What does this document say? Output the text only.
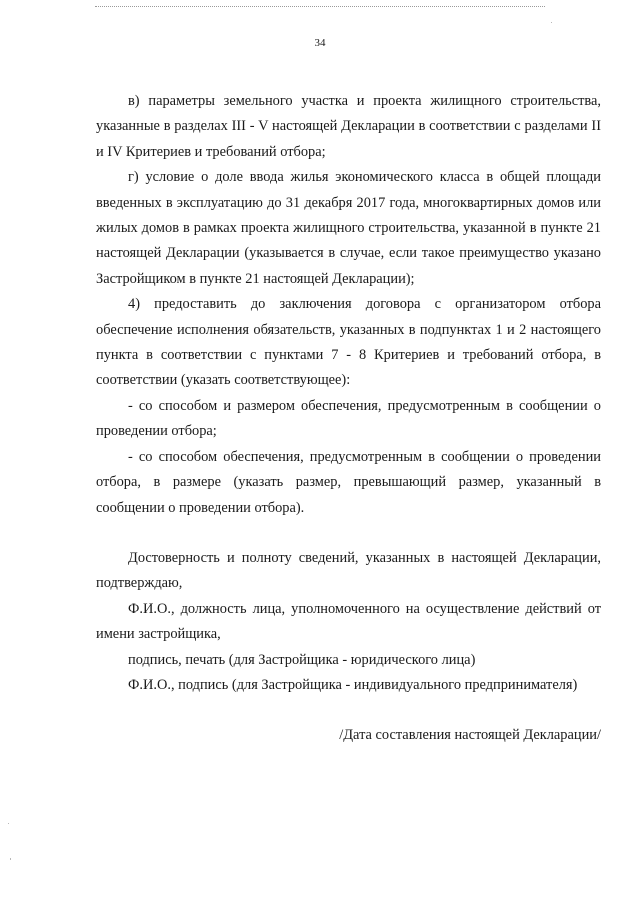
34

в) параметры земельного участка и проекта жилищного строительства, указанные в разделах III - V настоящей Декларации в соответствии с разделами II и IV Критериев и требований отбора;

г) условие о доле ввода жилья экономического класса в общей площади введенных в эксплуатацию до 31 декабря 2017 года, многоквартирных домов или жилых домов в рамках проекта жилищного строительства, указанной в пункте 21 настоящей Декларации (указывается в случае, если такое преимущество указано Застройщиком в пункте 21 настоящей Декларации);

4) предоставить до заключения договора с организатором отбора обеспечение исполнения обязательств, указанных в подпунктах 1 и 2 настоящего пункта в соответствии с пунктами 7 - 8 Критериев и требований отбора, в соответствии (указать соответствующее):

- со способом и размером обеспечения, предусмотренным в сообщении о проведении отбора;

- со способом обеспечения, предусмотренным в сообщении о проведении отбора, в размере (указать размер, превышающий размер, указанный в сообщении о проведении отбора).

Достоверность и полноту сведений, указанных в настоящей Декларации, подтверждаю,

Ф.И.О., должность лица, уполномоченного на осуществление действий от имени застройщика,

подпись, печать (для Застройщика - юридического лица)

Ф.И.О., подпись (для Застройщика - индивидуального предпринимателя)

/Дата составления настоящей Декларации/
